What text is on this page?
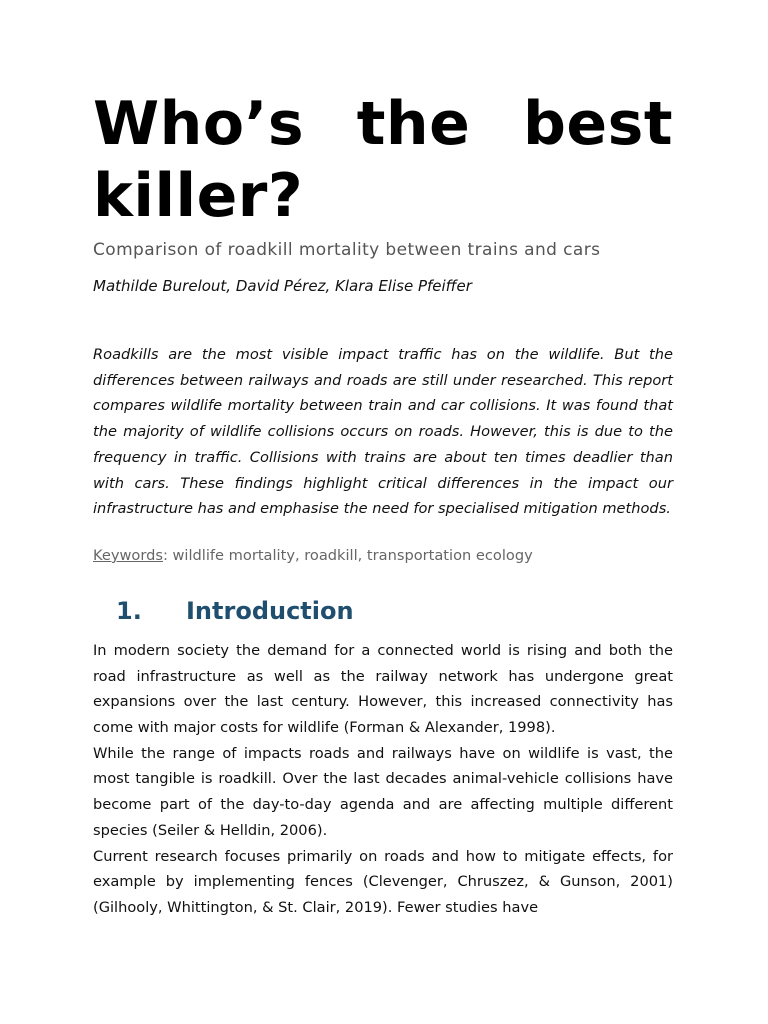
Who’s the best killer?

Comparison of roadkill mortality between trains and cars

Mathilde Burelout, David Pérez, Klara Elise Pfeiffer

Roadkills are the most visible impact traffic has on the wildlife. But the differences between railways and roads are still under researched. This report compares wildlife mortality between train and car collisions. It was found that the majority of wildlife collisions occurs on roads. However, this is due to the frequency in traffic. Collisions with trains are about ten times deadlier than with cars. These findings highlight critical differences in the impact our infrastructure has and emphasise the need for specialised mitigation methods.

Keywords: wildlife mortality, roadkill, transportation ecology

1.	Introduction

In modern society the demand for a connected world is rising and both the road infrastructure as well as the railway network has undergone great expansions over the last century. However, this increased connectivity has come with major costs for wildlife (Forman & Alexander, 1998).

While the range of impacts roads and railways have on wildlife is vast, the most tangible is roadkill. Over the last decades animal-vehicle collisions have become part of the day-to-day agenda and are affecting multiple different species (Seiler & Helldin, 2006).

Current research focuses primarily on roads and how to mitigate effects, for example by implementing fences (Clevenger, Chruszez, & Gunson, 2001) (Gilhooly, Whittington, & St. Clair, 2019). Fewer studies have
